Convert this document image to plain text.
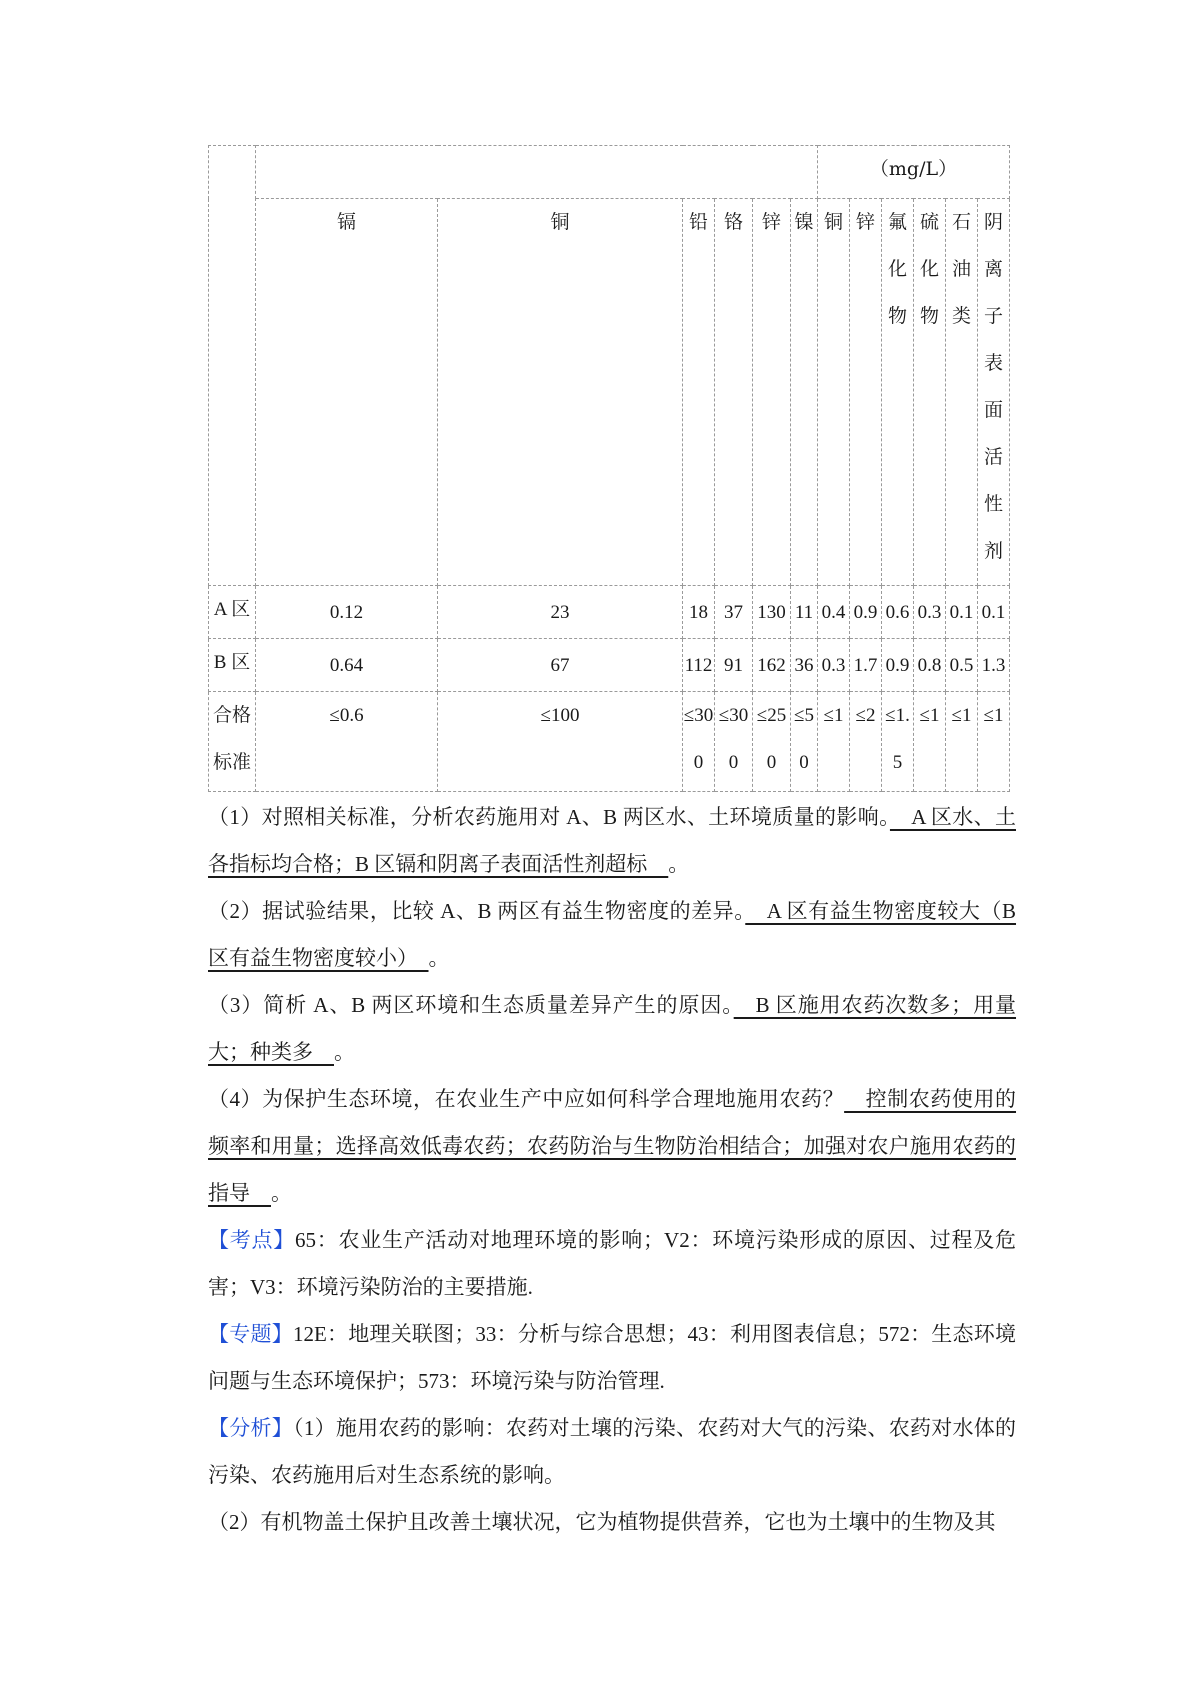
							（mg/L）					
	镉	铜	铅	铬	锌	镍	铜	锌	氟化物	硫化物	石油类	阴离子表面活性剂
A 区	0.12	23	18	37	130	11	0.4	0.9	0.6	0.3	0.1	0.1
B 区	0.64	67	112	91	162	36	0.3	1.7	0.9	0.8	0.5	1.3
合格标准	≤0.6	≤100	≤300	≤300	≤250	≤50	≤1	≤2	≤1.5	≤1	≤1	≤1

（1）对照相关标准，分析农药施用对 A、B 两区水、土环境质量的影响。　A 区水、土各指标均合格；B 区镉和阴离子表面活性剂超标　。

（2）据试验结果，比较 A、B 两区有益生物密度的差异。　A 区有益生物密度较大（B 区有益生物密度较小）　。

（3）简析 A、B 两区环境和生态质量差异产生的原因。　B 区施用农药次数多；用量大；种类多　。

（4）为保护生态环境，在农业生产中应如何科学合理地施用农药？　控制农药使用的频率和用量；选择高效低毒农药；农药防治与生物防治相结合；加强对农户施用农药的指导　。

【考点】65：农业生产活动对地理环境的影响；V2：环境污染形成的原因、过程及危害；V3：环境污染防治的主要措施.

【专题】12E：地理关联图；33：分析与综合思想；43：利用图表信息；572：生态环境问题与生态环境保护；573：环境污染与防治管理.

【分析】（1）施用农药的影响：农药对土壤的污染、农药对大气的污染、农药对水体的污染、农药施用后对生态系统的影响。

（2）有机物盖土保护且改善土壤状况，它为植物提供营养，它也为土壤中的生物及其
